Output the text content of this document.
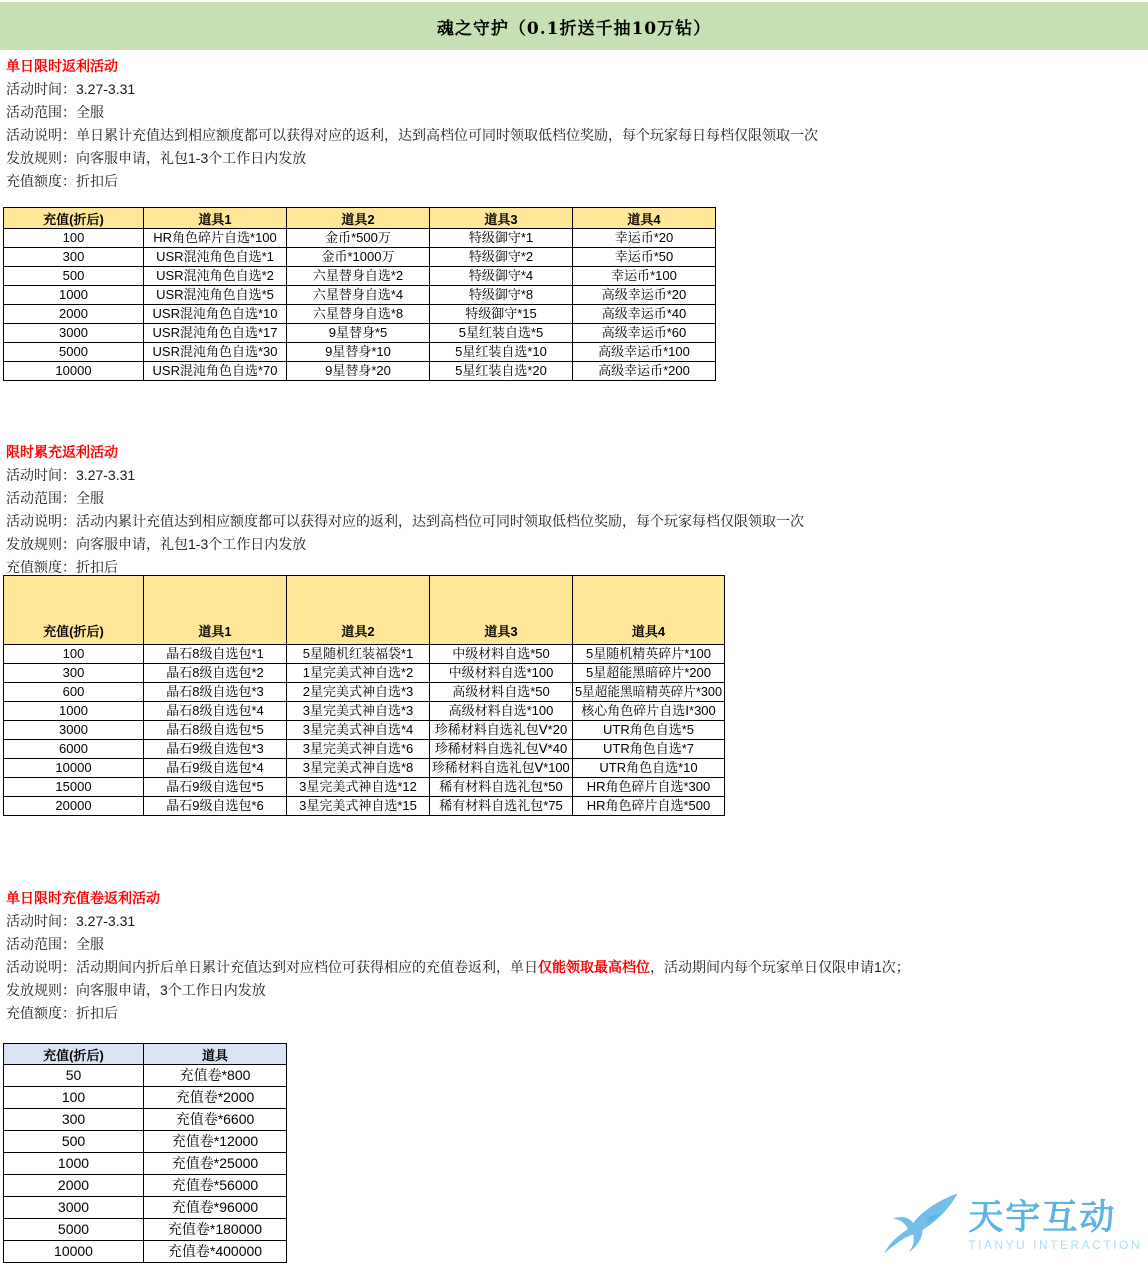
魂之守护（0.1折送千抽10万钻）
单日限时返利活动

活动时间：3.27-3.31

活动范围：全服

活动说明：单日累计充值达到相应额度都可以获得对应的返利，达到高档位可同时领取低档位奖励，每个玩家每日每档仅限领取一次

发放规则：向客服申请，礼包1-3个工作日内发放

充值额度：折扣后

充值(折后)	道具1	道具2	道具3	道具4
100	HR角色碎片自选*100	金币*500万	特级御守*1	幸运币*20
300	USR混沌角色自选*1	金币*1000万	特级御守*2	幸运币*50
500	USR混沌角色自选*2	六星替身自选*2	特级御守*4	幸运币*100
1000	USR混沌角色自选*5	六星替身自选*4	特级御守*8	高级幸运币*20
2000	USR混沌角色自选*10	六星替身自选*8	特级御守*15	高级幸运币*40
3000	USR混沌角色自选*17	9星替身*5	5星红装自选*5	高级幸运币*60
5000	USR混沌角色自选*30	9星替身*10	5星红装自选*10	高级幸运币*100
10000	USR混沌角色自选*70	9星替身*20	5星红装自选*20	高级幸运币*200
限时累充返利活动

活动时间：3.27-3.31

活动范围：全服

活动说明：活动内累计充值达到相应额度都可以获得对应的返利，达到高档位可同时领取低档位奖励，每个玩家每档仅限领取一次

发放规则：向客服申请，礼包1-3个工作日内发放

充值额度：折扣后

充值(折后)	道具1	道具2	道具3	道具4
100	晶石8级自选包*1	5星随机红装福袋*1	中级材料自选*50	5星随机精英碎片*100
300	晶石8级自选包*2	1星完美式神自选*2	中级材料自选*100	5星超能黑暗碎片*200
600	晶石8级自选包*3	2星完美式神自选*3	高级材料自选*50	5星超能黑暗精英碎片*300
1000	晶石8级自选包*4	3星完美式神自选*3	高级材料自选*100	核心角色碎片自选Ⅰ*300
3000	晶石8级自选包*5	3星完美式神自选*4	珍稀材料自选礼包Ⅴ*20	UTR角色自选*5
6000	晶石9级自选包*3	3星完美式神自选*6	珍稀材料自选礼包Ⅴ*40	UTR角色自选*7
10000	晶石9级自选包*4	3星完美式神自选*8	珍稀材料自选礼包Ⅴ*100	UTR角色自选*10
15000	晶石9级自选包*5	3星完美式神自选*12	稀有材料自选礼包*50	HR角色碎片自选*300
20000	晶石9级自选包*6	3星完美式神自选*15	稀有材料自选礼包*75	HR角色碎片自选*500
单日限时充值卷返利活动

活动时间：3.27-3.31

活动范围：全服

活动说明：活动期间内折后单日累计充值达到对应档位可获得相应的充值卷返利，单日仅能领取最高档位，活动期间内每个玩家单日仅限申请1次；

发放规则：向客服申请，3个工作日内发放

充值额度：折扣后

充值(折后)	道具
50	充值卷*800
100	充值卷*2000
300	充值卷*6600
500	充值卷*12000
1000	充值卷*25000
2000	充值卷*56000
3000	充值卷*96000
5000	充值卷*180000
10000	充值卷*400000
天宇互动
TIANYU INTERACTION
